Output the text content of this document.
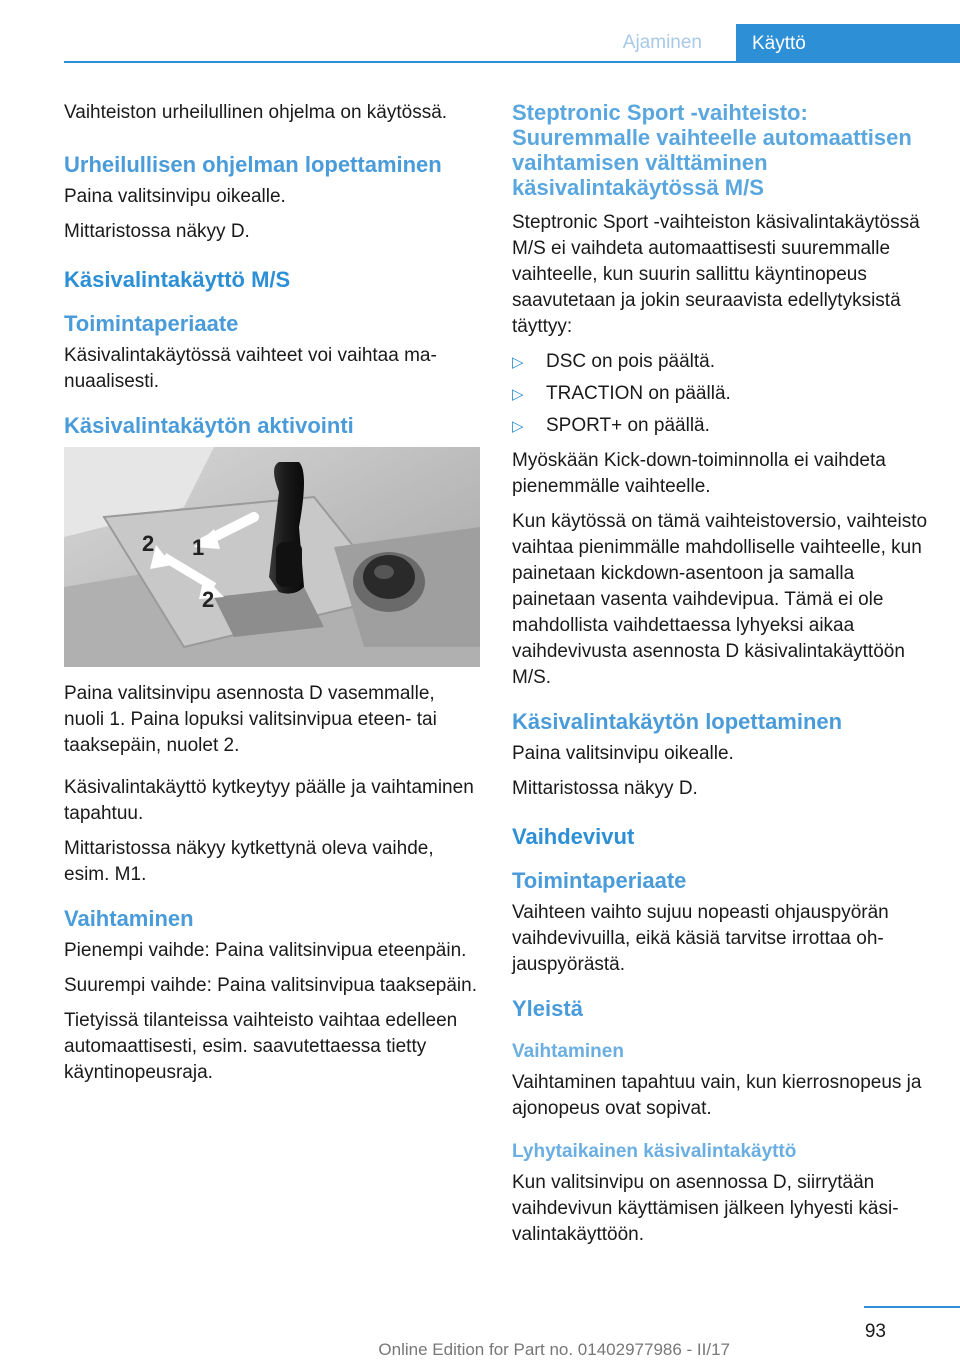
Ajaminen	Käyttö

Vaihteiston urheilullinen ohjelma on käytössä.

Urheilullisen ohjelman lopettaminen

Paina valitsinvipu oikealle.

Mittaristossa näkyy D.

Käsivalintakäyttö M/S
Toimintaperiaate

Käsivalintakäytössä vaihteet voi vaihtaa manuaalisesti.

Käsivalintakäytön aktivointi
1
2
2

Paina valitsinvipu asennosta D vasemmalle, nuoli 1. Paina lopuksi valitsinvipua eteen- tai taaksepäin, nuolet 2.

Käsivalintakäyttö kytkeytyy päälle ja vaihtaminen tapahtuu.

Mittaristossa näkyy kytkettynä oleva vaihde, esim. M1.

Vaihtaminen

Pienempi vaihde: Paina valitsinvipua eteenpäin.

Suurempi vaihde: Paina valitsinvipua taaksepäin.

Tietyissä tilanteissa vaihteisto vaihtaa edelleen automaattisesti, esim. saavutettaessa tietty käyntinopeusraja.

Steptronic Sport -vaihteisto: Suuremmalle vaihteelle automaattisen vaihtamisen välttäminen käsivalintakäytössä M/S

Steptronic Sport -vaihteiston käsivalintakäytössä M/S ei vaihdeta automaattisesti suuremmalle vaihteelle, kun suurin sallittu käyntinopeus saavutetaan ja jokin seuraavista edellytyksistä täyttyy:

▷ DSC on pois päältä.
▷ TRACTION on päällä.
▷ SPORT+ on päällä.

Myöskään Kick-down-toiminnolla ei vaihdeta pienemmälle vaihteelle.

Kun käytössä on tämä vaihteistoversio, vaihteisto vaihtaa pienimmälle mahdolliselle vaihteelle, kun painetaan kickdown-asentoon ja samalla painetaan vasenta vaihdevipua. Tämä ei ole mahdollista vaihdettaessa lyhyeksi aikaa vaihdevivusta asennosta D käsivalintakäyttöön M/S.

Käsivalintakäytön lopettaminen

Paina valitsinvipu oikealle.

Mittaristossa näkyy D.

Vaihdevivut
Toimintaperiaate

Vaihteen vaihto sujuu nopeasti ohjauspyörän vaihdevivuilla, eikä käsiä tarvitse irrottaa ohjauspyörästä.

Yleistä
Vaihtaminen

Vaihtaminen tapahtuu vain, kun kierrosnopeus ja ajonopeus ovat sopivat.

Lyhytaikainen käsivalintakäyttö

Kun valitsinvipu on asennossa D, siirrytään vaihdevivun käyttämisen jälkeen lyhyesti käsivalintakäyttöön.

93
Online Edition for Part no. 01402977986 - II/17
